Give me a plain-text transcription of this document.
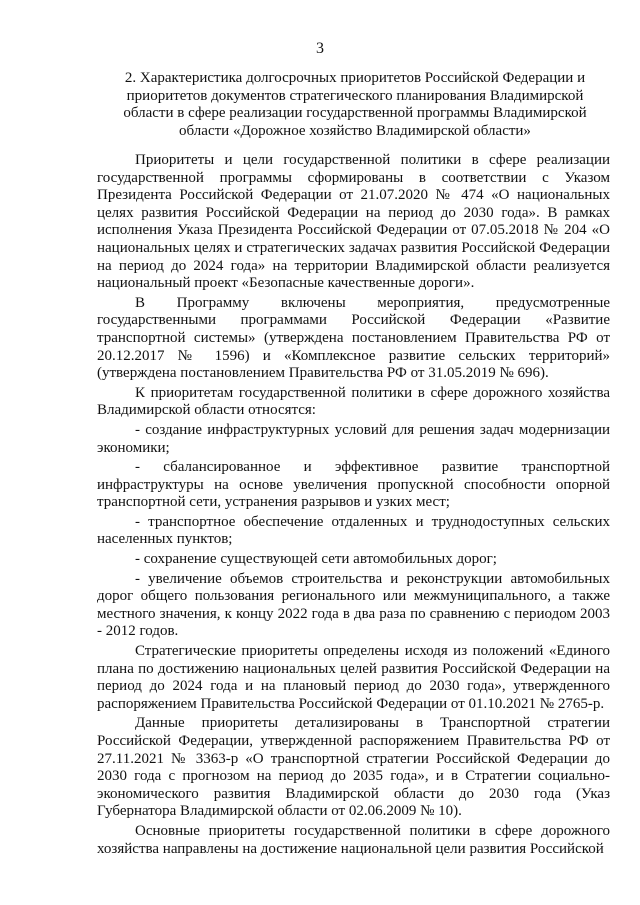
3
2. Характеристика долгосрочных приоритетов Российской Федерации и приоритетов документов стратегического планирования Владимирской области в сфере реализации государственной программы Владимирской области «Дорожное хозяйство Владимирской области»

Приоритеты и цели государственной политики в сфере реализации государственной программы сформированы в соответствии с Указом Президента Российской Федерации от 21.07.2020 № 474 «О национальных целях развития Российской Федерации на период до 2030 года». В рамках исполнения Указа Президента Российской Федерации от 07.05.2018 № 204 «О национальных целях и стратегических задачах развития Российской Федерации на период до 2024 года» на территории Владимирской области реализуется национальный проект «Безопасные качественные дороги».

В Программу включены мероприятия, предусмотренные государственными программами Российской Федерации «Развитие транспортной системы» (утверждена постановлением Правительства РФ от 20.12.2017 № 1596) и «Комплексное развитие сельских территорий» (утверждена постановлением Правительства РФ от 31.05.2019 № 696).

К приоритетам государственной политики в сфере дорожного хозяйства Владимирской области относятся:

- создание инфраструктурных условий для решения задач модернизации экономики;

- сбалансированное и эффективное развитие транспортной инфраструктуры на основе увеличения пропускной способности опорной транспортной сети, устранения разрывов и узких мест;

- транспортное обеспечение отдаленных и труднодоступных сельских населенных пунктов;

- сохранение существующей сети автомобильных дорог;

- увеличение объемов строительства и реконструкции автомобильных дорог общего пользования регионального или межмуниципального, а также местного значения, к концу 2022 года в два раза по сравнению с периодом 2003 - 2012 годов.

Стратегические приоритеты определены исходя из положений «Единого плана по достижению национальных целей развития Российской Федерации на период до 2024 года и на плановый период до 2030 года», утвержденного распоряжением Правительства Российской Федерации от 01.10.2021 № 2765-р.

Данные приоритеты детализированы в Транспортной стратегии Российской Федерации, утвержденной распоряжением Правительства РФ от 27.11.2021 № 3363-р «О транспортной стратегии Российской Федерации до 2030 года с прогнозом на период до 2035 года», и в Стратегии социально-экономического развития Владимирской области до 2030 года (Указ Губернатора Владимирской области от 02.06.2009 № 10).

Основные приоритеты государственной политики в сфере дорожного хозяйства направлены на достижение национальной цели развития Российской
